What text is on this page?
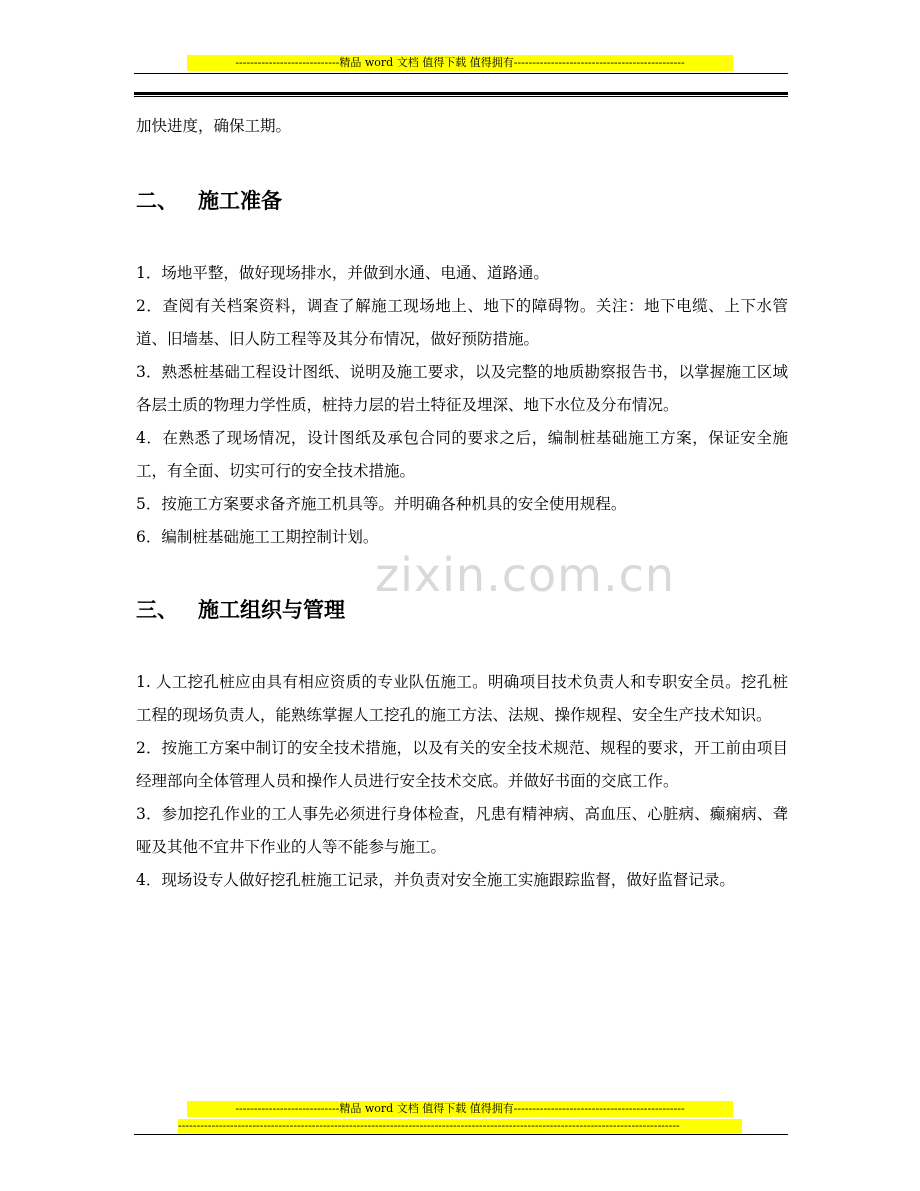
----------------------------精品 word 文档 值得下载 值得拥有----------------------------------------------
zixin.com.cn

加快进度，确保工期。

二、 施工准备

1．场地平整，做好现场排水，并做到水通、电通、道路通。

2．查阅有关档案资料，调查了解施工现场地上、地下的障碍物。关注：地下电缆、上下水管道、旧墙基、旧人防工程等及其分布情况，做好预防措施。

3．熟悉桩基础工程设计图纸、说明及施工要求，以及完整的地质勘察报告书，以掌握施工区域各层土质的物理力学性质，桩持力层的岩土特征及埋深、地下水位及分布情况。

4．在熟悉了现场情况，设计图纸及承包合同的要求之后，编制桩基础施工方案，保证安全施工，有全面、切实可行的安全技术措施。

5．按施工方案要求备齐施工机具等。并明确各种机具的安全使用规程。

6．编制桩基础施工工期控制计划。

三、 施工组织与管理

1. 人工挖孔桩应由具有相应资质的专业队伍施工。明确项目技术负责人和专职安全员。挖孔桩工程的现场负责人，能熟练掌握人工挖孔的施工方法、法规、操作规程、安全生产技术知识。

2．按施工方案中制订的安全技术措施，以及有关的安全技术规范、规程的要求，开工前由项目经理部向全体管理人员和操作人员进行安全技术交底。并做好书面的交底工作。

3．参加挖孔作业的工人事先必须进行身体检查，凡患有精神病、高血压、心脏病、癫痫病、聋哑及其他不宜井下作业的人等不能参与施工。

4．现场设专人做好挖孔桩施工记录，并负责对安全施工实施跟踪监督，做好监督记录。

----------------------------精品 word 文档 值得下载 值得拥有----------------------------------------------
---------------------------------------------------------------------------------------------------------------------------------------
